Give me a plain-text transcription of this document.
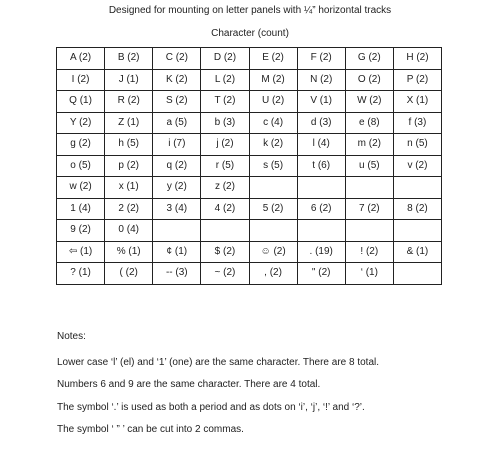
Designed for mounting on letter panels with ¼” horizontal tracks
Character (count)
A (2)	B (2)	C (2)	D (2)	E (2)	F (2)	G (2)	H (2)
I (2)	J (1)	K (2)	L (2)	M (2)	N (2)	O (2)	P (2)
Q (1)	R (2)	S (2)	T (2)	U (2)	V (1)	W (2)	X (1)
Y (2)	Z (1)	a (5)	b (3)	c (4)	d (3)	e (8)	f (3)
g (2)	h (5)	i (7)	j (2)	k (2)	l (4)	m (2)	n (5)
o (5)	p (2)	q (2)	r (5)	s (5)	t (6)	u (5)	v (2)
w (2)	x (1)	y (2)	z (2)				
1 (4)	2 (2)	3 (4)	4 (2)	5 (2)	6 (2)	7 (2)	8 (2)
9 (2)	0 (4)						
⇦ (1)	% (1)	¢ (1)	$ (2)	☺ (2)	. (19)	! (2)	& (1)
? (1)	( (2)	-- (3)	~ (2)	, (2)	" (2)	‘ (1)	
Notes:
Lower case ‘l’ (el) and ‘1’ (one) are the same character. There are 8 total.
Numbers 6 and 9 are the same character. There are 4 total.
The symbol ‘.’ is used as both a period and as dots on ‘i’, ‘j’, ‘!’ and ‘?’.
The symbol ‘ ” ’ can be cut into 2 commas.
